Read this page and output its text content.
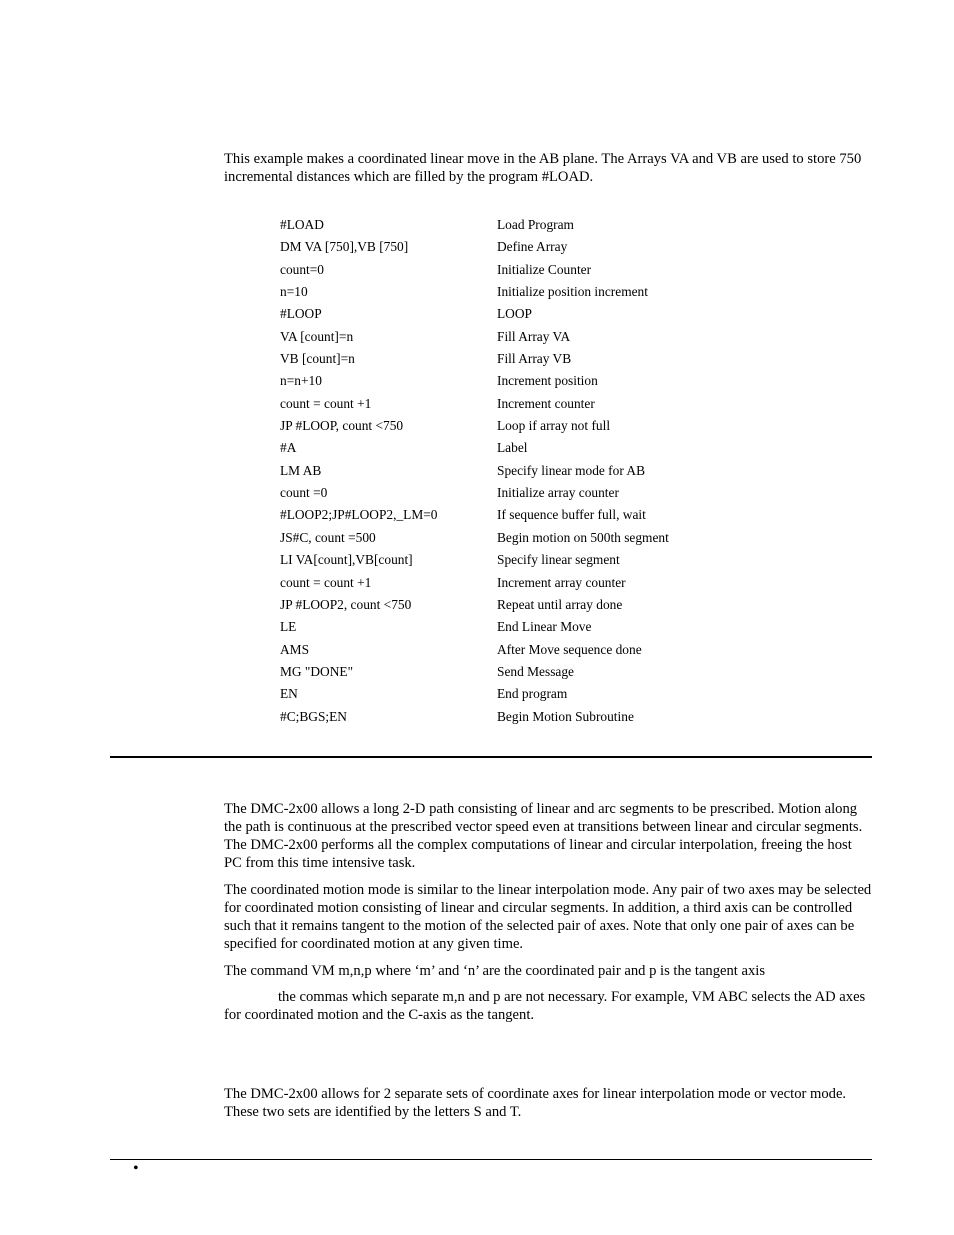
This example makes a coordinated linear move in the AB plane. The Arrays VA and VB are used to store 750 incremental distances which are filled by the program #LOAD.

#LOAD	Load Program
DM VA [750],VB [750]	Define Array
count=0	Initialize Counter
n=10	Initialize position increment
#LOOP	LOOP
VA [count]=n	Fill Array VA
VB [count]=n	Fill Array VB
n=n+10	Increment position
count = count +1	Increment counter
JP #LOOP, count <750	Loop if array not full
#A	Label
LM AB	Specify linear mode for AB
count =0	Initialize array counter
#LOOP2;JP#LOOP2,_LM=0	If sequence buffer full, wait
JS#C, count =500	Begin motion on 500th segment
LI VA[count],VB[count]	Specify linear segment
count = count +1	Increment array counter
JP #LOOP2, count <750	Repeat until array done
LE	End Linear Move
AMS	After Move sequence done
MG "DONE"	Send Message
EN	End program
#C;BGS;EN	Begin Motion Subroutine

The DMC-2x00 allows a long 2-D path consisting of linear and arc segments to be prescribed. Motion along the path is continuous at the prescribed vector speed even at transitions between linear and circular segments. The DMC-2x00 performs all the complex computations of linear and circular interpolation, freeing the host PC from this time intensive task.

The coordinated motion mode is similar to the linear interpolation mode. Any pair of two axes may be selected for coordinated motion consisting of linear and circular segments. In addition, a third axis can be controlled such that it remains tangent to the motion of the selected pair of axes. Note that only one pair of axes can be specified for coordinated motion at any given time.

The command VM m,n,p where ‘m’ and ‘n’ are the coordinated pair and p is the tangent axis

the commas which separate m,n and p are not necessary. For example, VM ABC selects the AD axes for coordinated motion and the C-axis as the tangent.

The DMC-2x00 allows for 2 separate sets of coordinate axes for linear interpolation mode or vector mode. These two sets are identified by the letters S and T.

•
